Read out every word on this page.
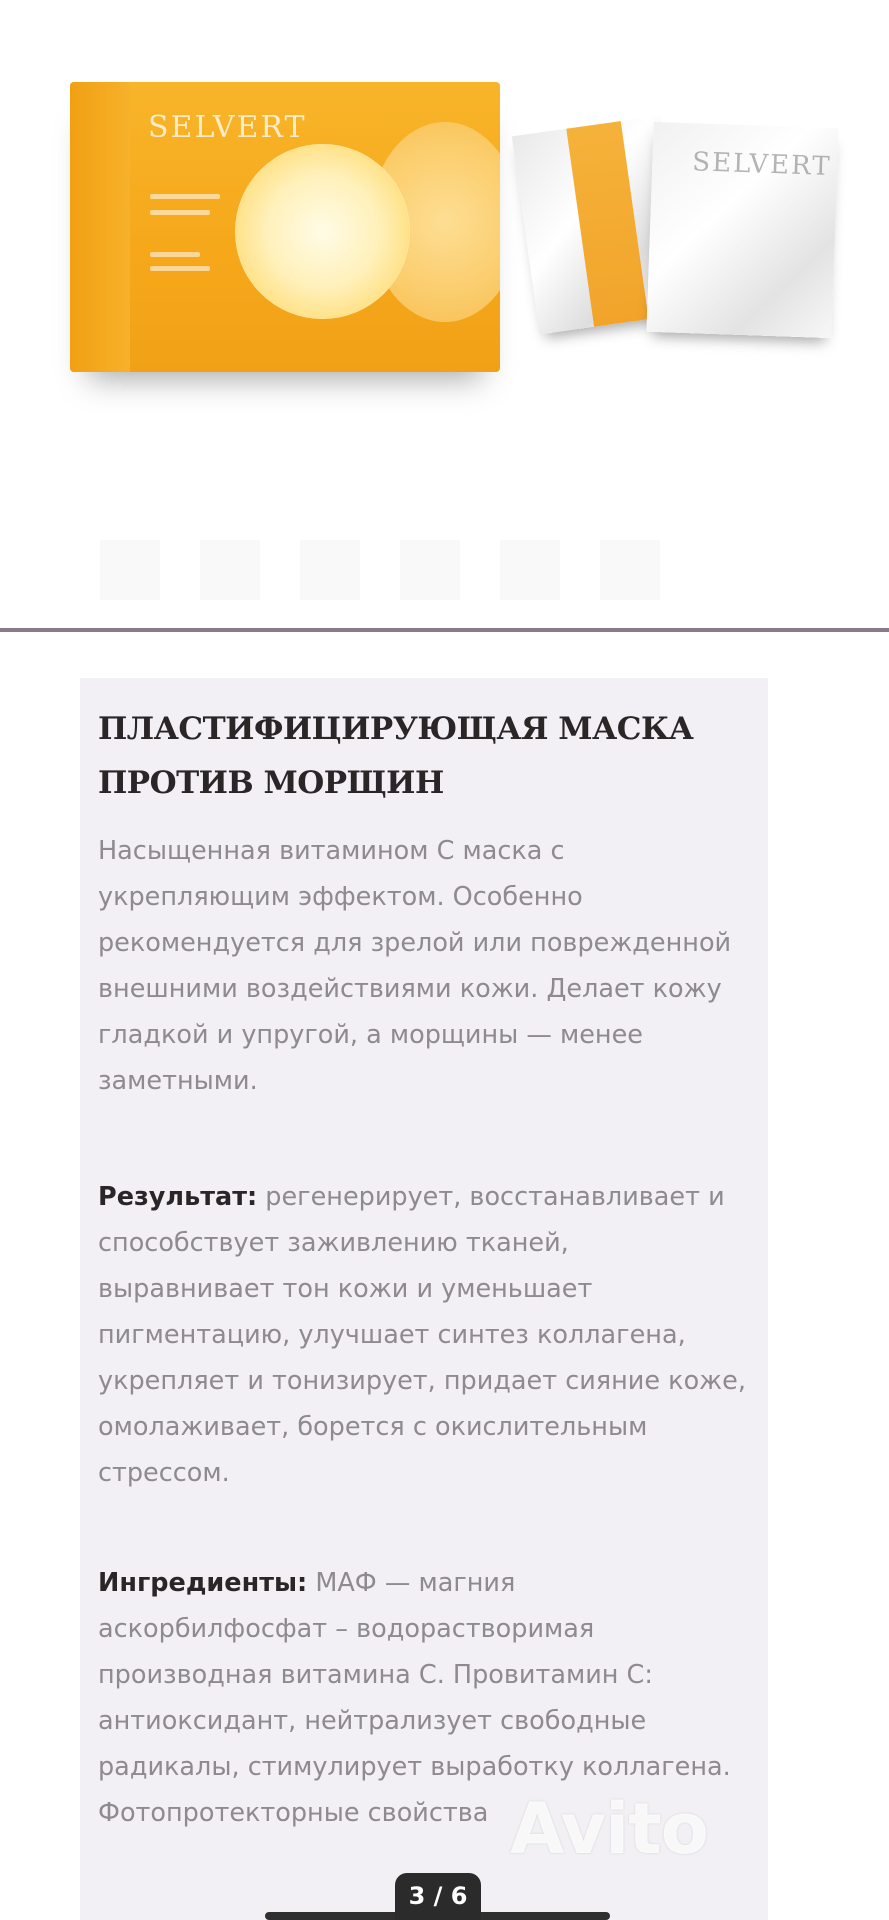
SELVERT
SELVERT
ПЛАСТИФИЦИРУЮЩАЯ МАСКА ПРОТИВ МОРЩИН

Насыщенная витамином С маска с укрепляющим эффектом. Особенно рекомендуется для зрелой или поврежденной внешними воздействиями кожи. Делает кожу гладкой и упругой, а морщины — менее заметными.

Результат: регенерирует, восстанавливает и способствует заживлению тканей, выравнивает тон кожи и уменьшает пигментацию, улучшает синтез коллагена, укрепляет и тонизирует, придает сияние коже, омолаживает, борется с окислительным стрессом.

Ингредиенты: МАФ — магния аскорбилфосфат – водорастворимая производная витамина С. Провитамин С: антиоксидант, нейтрализует свободные радикалы, стимулирует выработку коллагена. Фотопротекторные свойства Avito
3 / 6
